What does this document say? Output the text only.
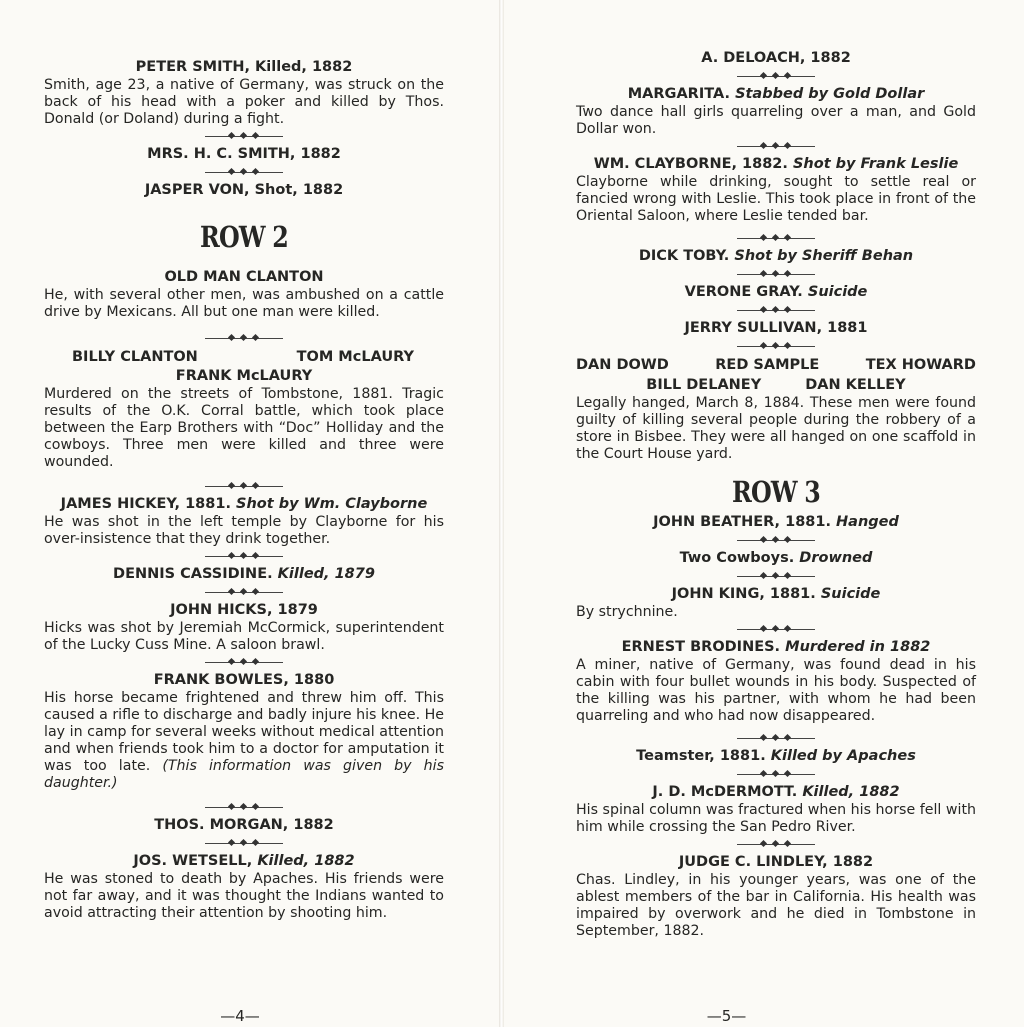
PETER SMITH, Killed, 1882
Smith, age 23, a native of Germany, was struck on the back of his head with a poker and killed by Thos. Donald (or Doland) during a fight.
MRS. H. C. SMITH, 1882
JASPER VON, Shot, 1882
ROW 2
OLD MAN CLANTON
He, with several other men, was ambushed on a cattle drive by Mexicans. All but one man were killed.
BILLY CLANTON	TOM McLAURY
FRANK McLAURY
Murdered on the streets of Tombstone, 1881. Tragic results of the O.K. Corral battle, which took place between the Earp Brothers with “Doc” Holliday and the cowboys. Three men were killed and three were wounded.
JAMES HICKEY, 1881. Shot by Wm. Clayborne
He was shot in the left temple by Clayborne for his over-insistence that they drink together.
DENNIS CASSIDINE. Killed, 1879
JOHN HICKS, 1879
Hicks was shot by Jeremiah McCormick, superintendent of the Lucky Cuss Mine. A saloon brawl.
FRANK BOWLES, 1880
His horse became frightened and threw him off. This caused a rifle to discharge and badly injure his knee. He lay in camp for several weeks without medical attention and when friends took him to a doctor for amputation it was too late. (This information was given by his daughter.)
THOS. MORGAN, 1882
JOS. WETSELL, Killed, 1882
He was stoned to death by Apaches. His friends were not far away, and it was thought the Indians wanted to avoid attracting their attention by shooting him.
—4—
A. DELOACH, 1882
MARGARITA. Stabbed by Gold Dollar
Two dance hall girls quarreling over a man, and Gold Dollar won.
WM. CLAYBORNE, 1882. Shot by Frank Leslie
Clayborne while drinking, sought to settle real or fancied wrong with Leslie. This took place in front of the Oriental Saloon, where Leslie tended bar.
DICK TOBY. Shot by Sheriff Behan
VERONE GRAY. Suicide
JERRY SULLIVAN, 1881
DAN DOWD	RED SAMPLE	TEX HOWARD
BILL DELANEY	DAN KELLEY
Legally hanged, March 8, 1884. These men were found guilty of killing several people during the robbery of a store in Bisbee. They were all hanged on one scaffold in the Court House yard.
ROW 3
JOHN BEATHER, 1881. Hanged
Two Cowboys. Drowned
JOHN KING, 1881. Suicide
By strychnine.
ERNEST BRODINES. Murdered in 1882
A miner, native of Germany, was found dead in his cabin with four bullet wounds in his body. Suspected of the killing was his partner, with whom he had been quarreling and who had now disappeared.
Teamster, 1881. Killed by Apaches
J. D. McDERMOTT. Killed, 1882
His spinal column was fractured when his horse fell with him while crossing the San Pedro River.
JUDGE C. LINDLEY, 1882
Chas. Lindley, in his younger years, was one of the ablest members of the bar in California. His health was impaired by overwork and he died in Tombstone in September, 1882.
—5—
